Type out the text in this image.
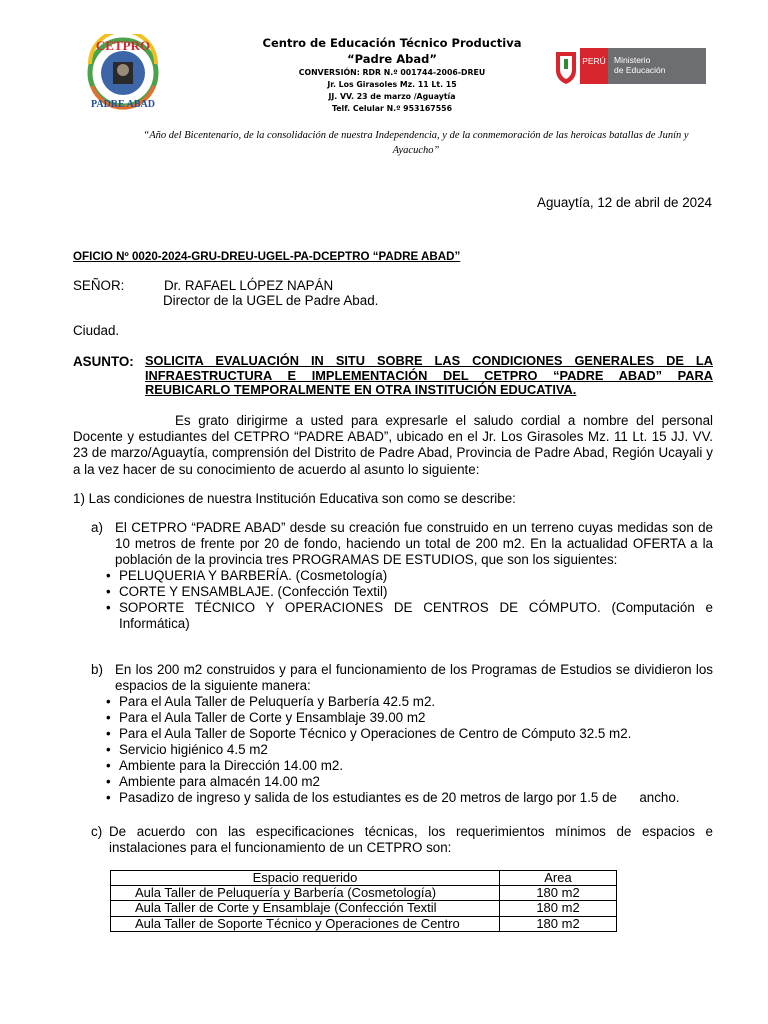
CETPRO
PADRE ABAD
Centro de Educación Técnico Productiva
“Padre Abad”
CONVERSIÓN: RDR N.º 001744-2006-DREU
Jr. Los Girasoles Mz. 11 Lt. 15
JJ. VV. 23 de marzo /Aguaytía
Telf. Celular N.º 953167556
PERÚ Ministerio
de Educación
“Año del Bicentenario, de la consolidación de nuestra Independencia, y de la conmemoración de las heroicas batallas de Junín y Ayacucho”
Aguaytía, 12 de abril de 2024
OFICIO Nº 0020-2024-GRU-DREU-UGEL-PA-DCEPTRO “PADRE ABAD”
SEÑOR:	Dr. RAFAEL LÓPEZ NAPÁN
Director de la UGEL de Padre Abad.
Ciudad.
ASUNTO: SOLICITA EVALUACIÓN IN SITU SOBRE LAS CONDICIONES GENERALES DE LA INFRAESTRUCTURA E IMPLEMENTACIÓN DEL CETPRO “PADRE ABAD” PARA
REUBICARLO TEMPORALMENTE EN OTRA INSTITUCIÓN EDUCATIVA.
Es grato dirigirme a usted para expresarle el saludo cordial a nombre del personal Docente y estudiantes del CETPRO “PADRE ABAD”, ubicado en el Jr. Los Girasoles Mz. 11 Lt. 15 JJ. VV. 23 de marzo/Aguaytía, comprensión del Distrito de Padre Abad, Provincia de Padre Abad, Región Ucayali y a la vez hacer de su conocimiento de acuerdo al asunto lo siguiente:
1) Las condiciones de nuestra Institución Educativa son como se describe:
a) El CETPRO “PADRE ABAD” desde su creación fue construido en un terreno cuyas medidas son de 10 metros de frente por 20 de fondo, haciendo un total de 200 m2. En la actualidad OFERTA a la población de la provincia tres PROGRAMAS DE ESTUDIOS, que son los siguientes:
• PELUQUERIA Y BARBERÍA. (Cosmetología)
• CORTE Y ENSAMBLAJE. (Confección Textil)
• SOPORTE TÉCNICO Y OPERACIONES DE CENTROS DE CÓMPUTO. (Computación e Informática)
b) En los 200 m2 construidos y para el funcionamiento de los Programas de Estudios se dividieron los espacios de la siguiente manera:
• Para el Aula Taller de Peluquería y Barbería 42.5 m2.
• Para el Aula Taller de Corte y Ensamblaje 39.00 m2
• Para el Aula Taller de Soporte Técnico y Operaciones de Centro de Cómputo 32.5 m2.
• Servicio higiénico 4.5 m2
• Ambiente para la Dirección 14.00 m2.
• Ambiente para almacén 14.00 m2
• Pasadizo de ingreso y salida de los estudiantes es de 20 metros de largo por 1.5 de      ancho.
c) De acuerdo con las especificaciones técnicas, los requerimientos mínimos de espacios e instalaciones para el funcionamiento de un CETPRO son:
Espacio requerido	Area
Aula Taller de Peluquería y Barbería (Cosmetología)	180 m2
Aula Taller de Corte y Ensamblaje (Confección Textil	180 m2
Aula Taller de Soporte Técnico y Operaciones de Centro	180 m2
